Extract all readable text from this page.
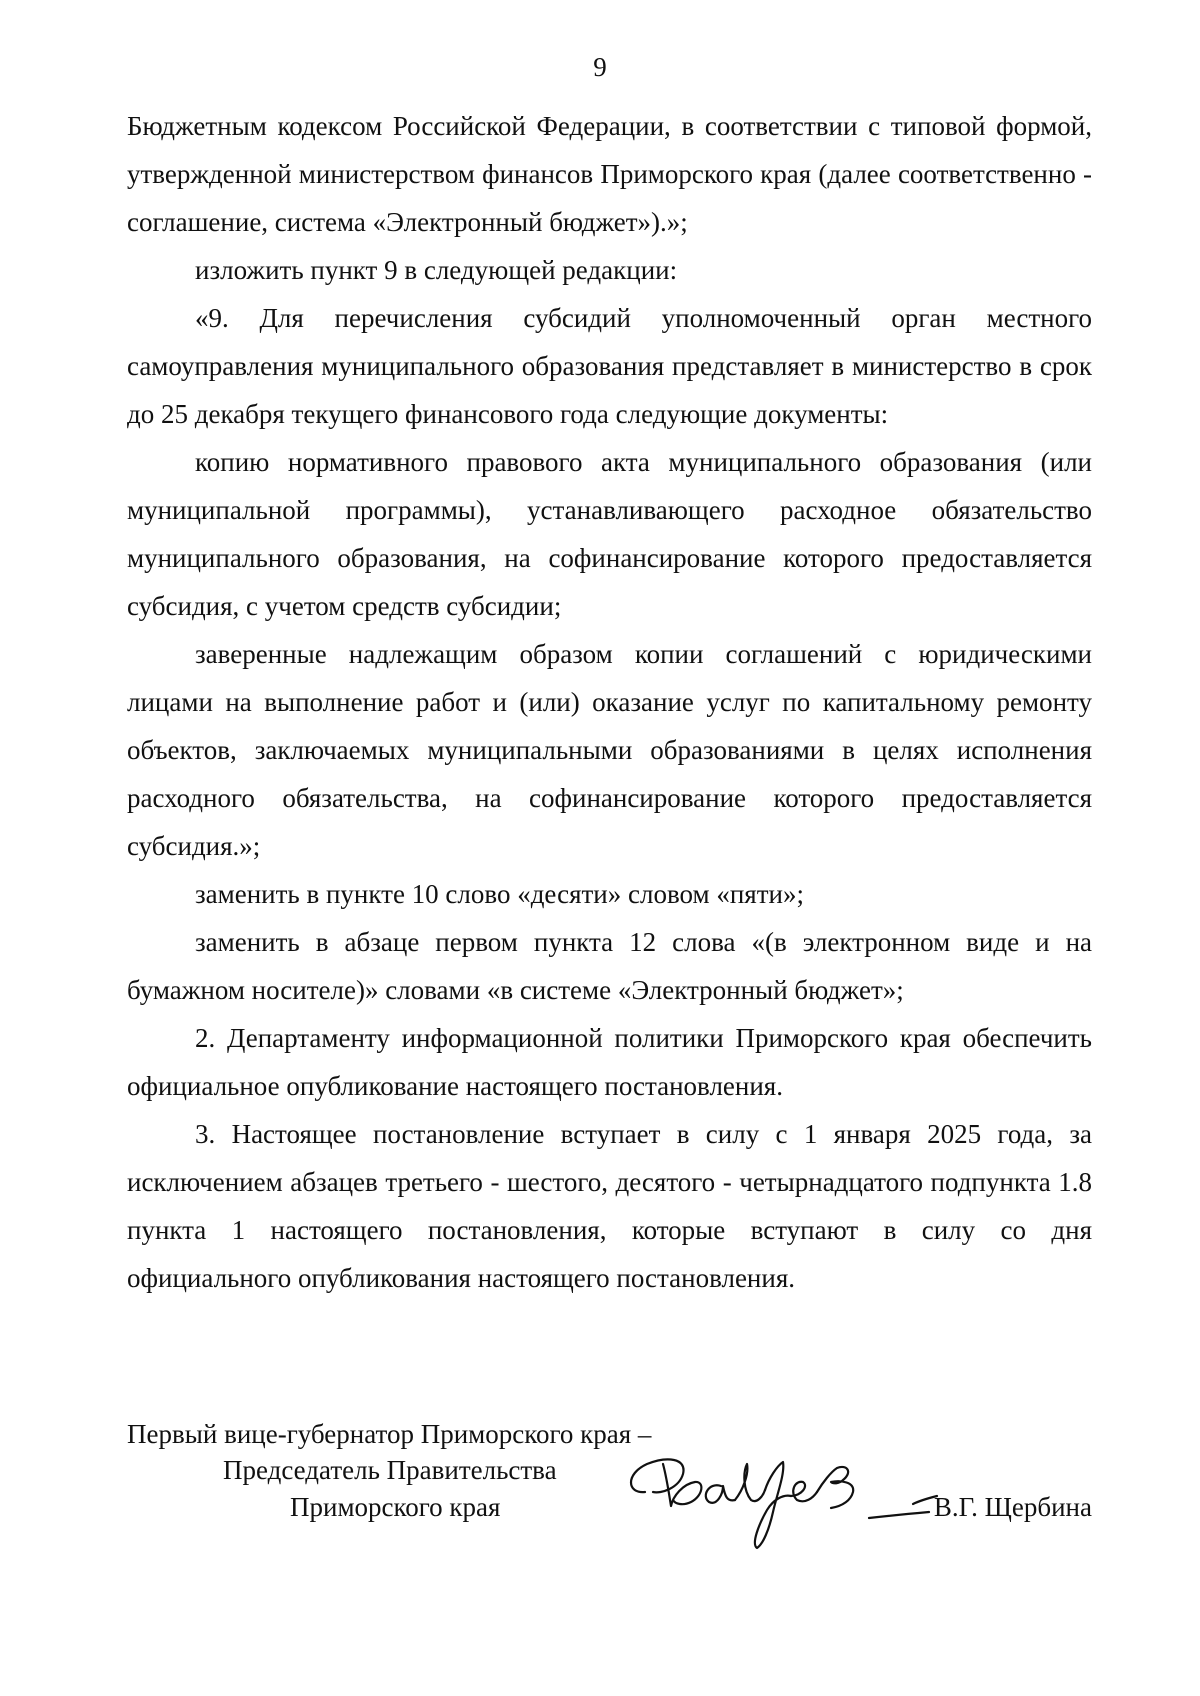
9

Бюджетным кодексом Российской Федерации, в соответствии с типовой формой, утвержденной министерством финансов Приморского края (далее соответственно - соглашение, система «Электронный бюджет»).»;

изложить пункт 9 в следующей редакции:

«9. Для перечисления субсидий уполномоченный орган местного самоуправления муниципального образования представляет в министерство в срок до 25 декабря текущего финансового года следующие документы:

копию нормативного правового акта муниципального образования (или муниципальной программы), устанавливающего расходное обязательство муниципального образования, на софинансирование которого предоставляется субсидия, с учетом средств субсидии;

заверенные надлежащим образом копии соглашений с юридическими лицами на выполнение работ и (или) оказание услуг по капитальному ремонту объектов, заключаемых муниципальными образованиями в целях исполнения расходного обязательства, на софинансирование которого предоставляется субсидия.»;

заменить в пункте 10 слово «десяти» словом «пяти»;

заменить в абзаце первом пункта 12 слова «(в электронном виде и на бумажном носителе)» словами «в системе «Электронный бюджет»;

2. Департаменту информационной политики Приморского края обеспечить официальное опубликование настоящего постановления.

3. Настоящее постановление вступает в силу с 1 января 2025 года, за исключением абзацев третьего - шестого, десятого - четырнадцатого подпункта 1.8 пункта 1 настоящего постановления, которые вступают в силу со дня официального опубликования настоящего постановления.

Первый вице-губернатор Приморского края –
Председатель Правительства
Приморского края	В.Г. Щербина
